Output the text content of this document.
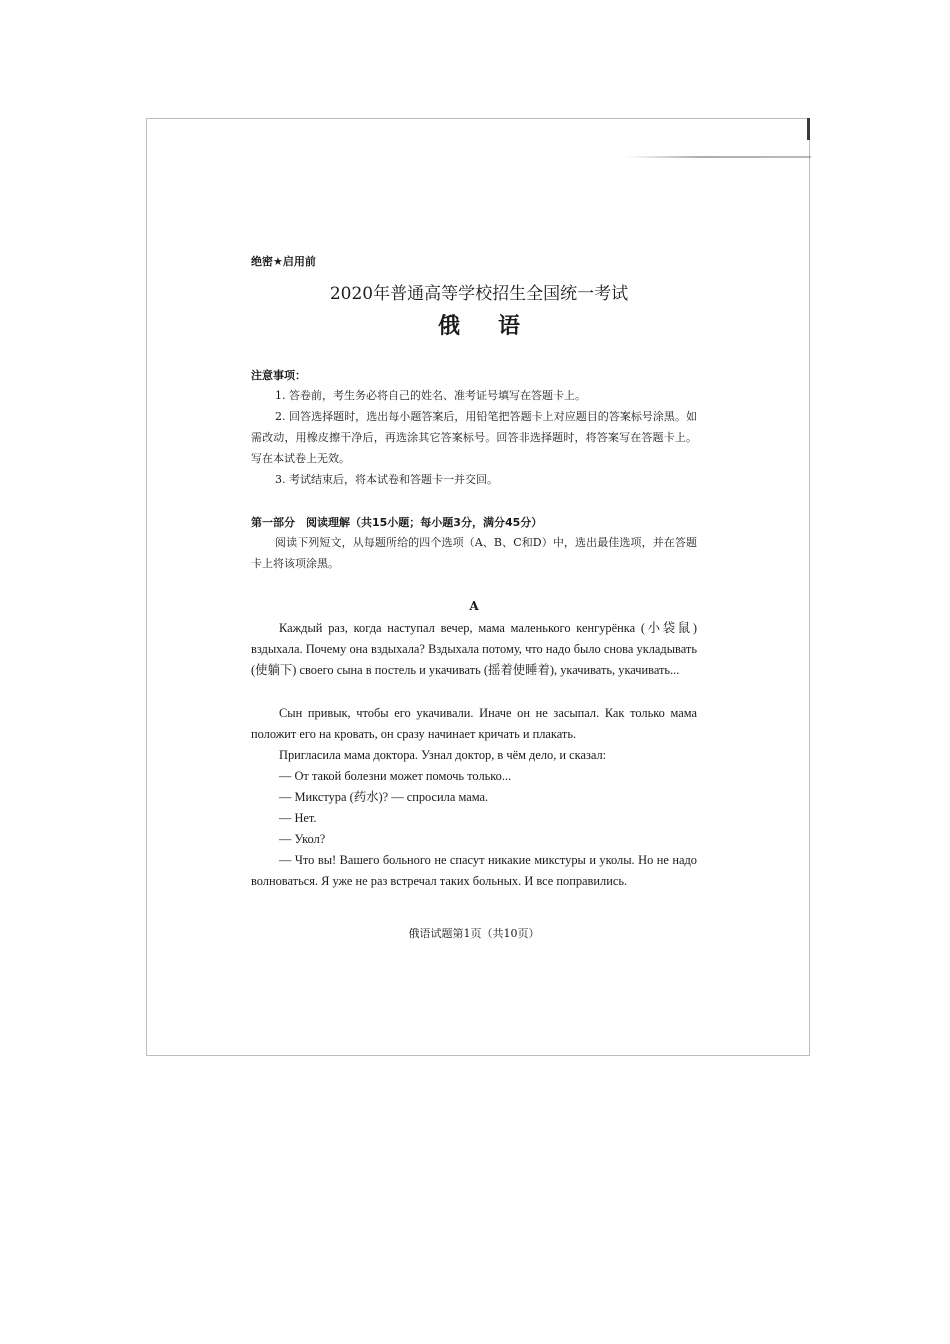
绝密★启用前
2020年普通高等学校招生全国统一考试
俄语
注意事项：
1. 答卷前，考生务必将自己的姓名、准考证号填写在答题卡上。
2. 回答选择题时，选出每小题答案后，用铅笔把答题卡上对应题目的答案标号涂黑。如需改动，用橡皮擦干净后，再选涂其它答案标号。回答非选择题时，将答案写在答题卡上。写在本试卷上无效。
3. 考试结束后，将本试卷和答题卡一并交回。
第一部分　阅读理解（共15小题；每小题3分，满分45分）
阅读下列短文，从每题所给的四个选项（A、B、C和D）中，选出最佳选项，并在答题卡上将该项涂黑。
A
Каждый раз, когда наступал вечер, мама маленького кенгурёнка (小袋鼠) вздыхала. Почему она вздыхала? Вздыхала потому, что надо было снова укладывать (使躺下) своего сына в постель и укачивать (摇着使睡着), укачивать, укачивать...
Сын привык, чтобы его укачивали. Иначе он не засыпал. Как только мама положит его на кровать, он сразу начинает кричать и плакать.
Пригласила мама доктора. Узнал доктор, в чём дело, и сказал:
— От такой болезни может помочь только...
— Микстура (药水)? — спросила мама.
— Нет.
— Укол?
— Что вы! Вашего больного не спасут никакие микстуры и уколы. Но не надо волноваться. Я уже не раз встречал таких больных. И все поправились.
俄语试题第1页（共10页）
